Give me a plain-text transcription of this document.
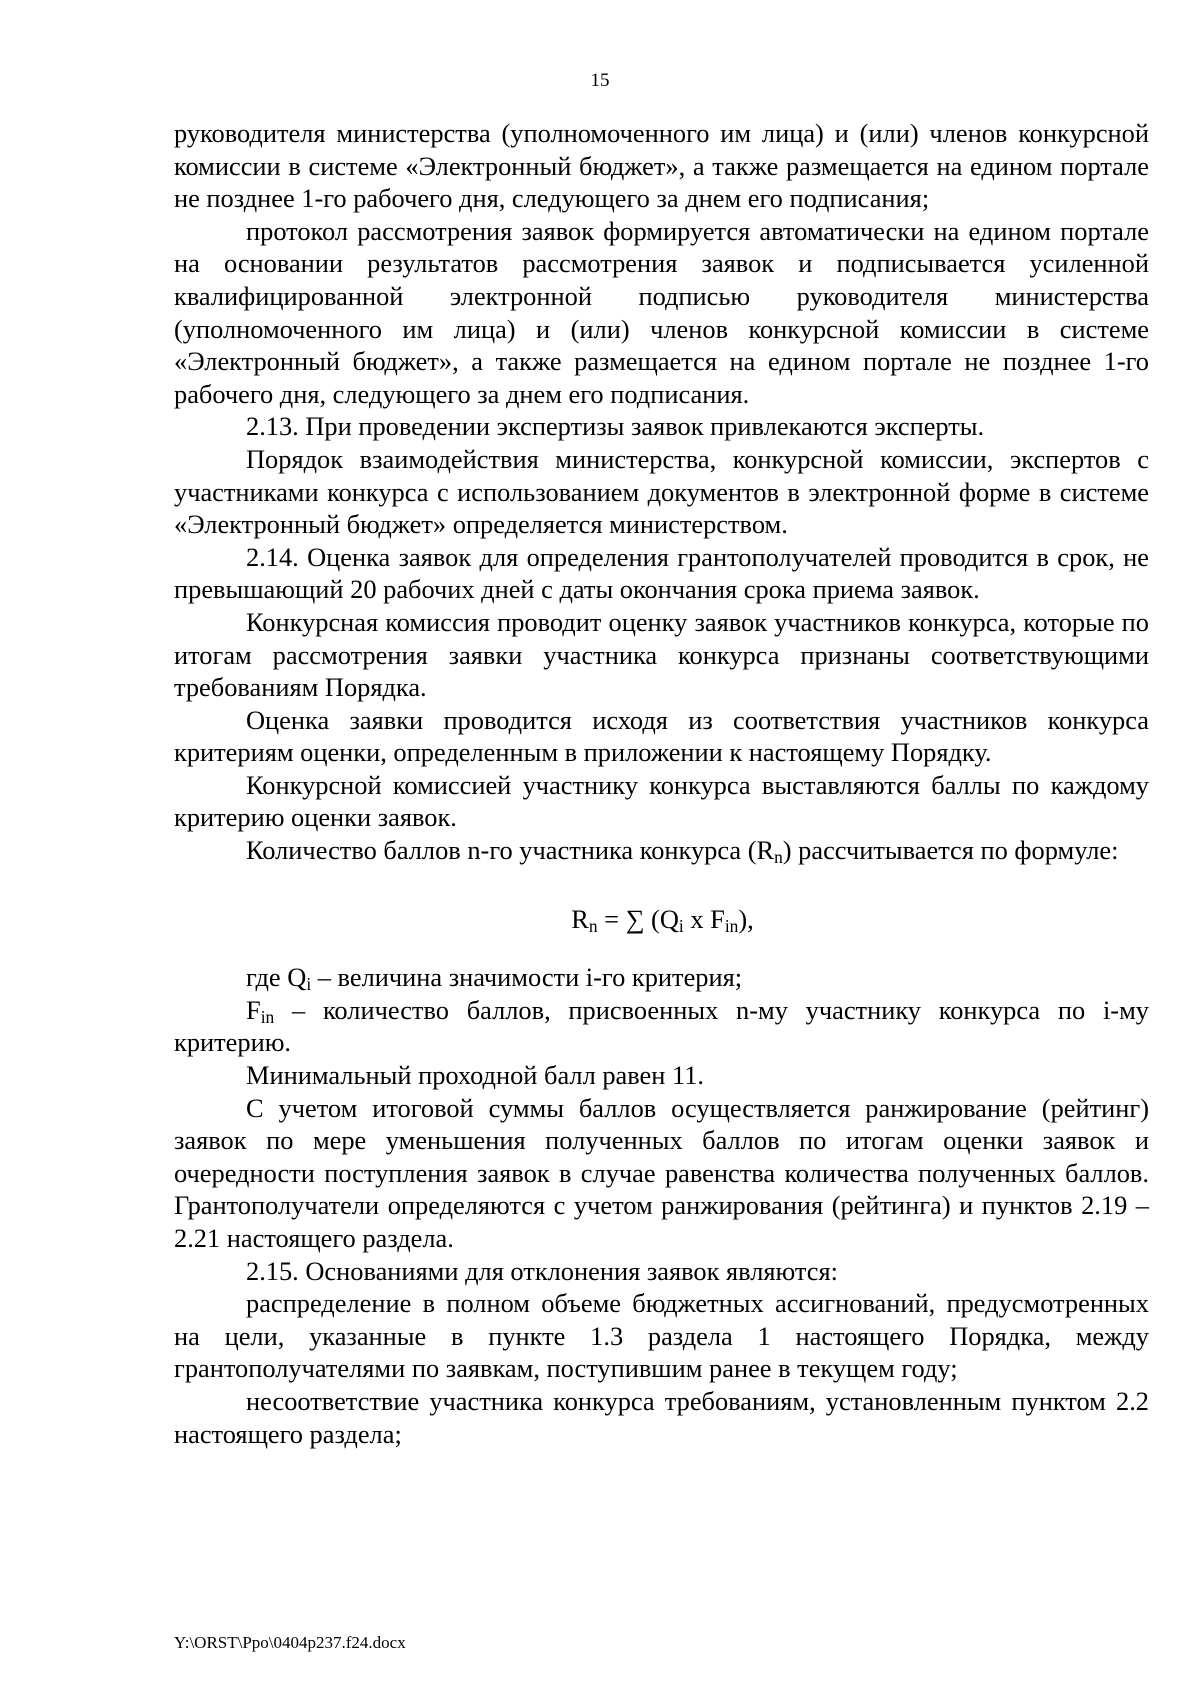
15

руководителя министерства (уполномоченного им лица) и (или) членов конкурсной комиссии в системе «Электронный бюджет», а также размещается на едином портале не позднее 1-го рабочего дня, следующего за днем его подписания;

протокол рассмотрения заявок формируется автоматически на едином портале на основании результатов рассмотрения заявок и подписывается усиленной квалифицированной электронной подписью руководителя министерства (уполномоченного им лица) и (или) членов конкурсной комиссии в системе «Электронный бюджет», а также размещается на едином портале не позднее 1-го рабочего дня, следующего за днем его подписания.

2.13. При проведении экспертизы заявок привлекаются эксперты.

Порядок взаимодействия министерства, конкурсной комиссии, экспертов с участниками конкурса с использованием документов в электронной форме в системе «Электронный бюджет» определяется министерством.

2.14. Оценка заявок для определения грантополучателей проводится в срок, не превышающий 20 рабочих дней с даты окончания срока приема заявок.

Конкурсная комиссия проводит оценку заявок участников конкурса, которые по итогам рассмотрения заявки участника конкурса признаны соответствующими требованиям Порядка.

Оценка заявки проводится исходя из соответствия участников конкурса критериям оценки, определенным в приложении к настоящему Порядку.

Конкурсной комиссией участнику конкурса выставляются баллы по каждому критерию оценки заявок.

Количество баллов n-го участника конкурса $(R_n)$ рассчитывается по формуле:

$R_n$ = ∑ ($Q_i$ x $F_{in}$),

где $Q_i$ – величина значимости i-го критерия;

$F_{in}$ – количество баллов, присвоенных n-му участнику конкурса по i-му критерию.

Минимальный проходной балл равен 11.

С учетом итоговой суммы баллов осуществляется ранжирование (рейтинг) заявок по мере уменьшения полученных баллов по итогам оценки заявок и очередности поступления заявок в случае равенства количества полученных баллов. Грантополучатели определяются с учетом ранжирования (рейтинга) и пунктов 2.19 – 2.21 настоящего раздела.

2.15. Основаниями для отклонения заявок являются:

распределение в полном объеме бюджетных ассигнований, предусмотренных на цели, указанные в пункте 1.3 раздела 1 настоящего Порядка, между грантополучателями по заявкам, поступившим ранее в текущем году;

несоответствие участника конкурса требованиям, установленным пунктом 2.2 настоящего раздела;

Y:\ORST\Ppo\0404p237.f24.docx
